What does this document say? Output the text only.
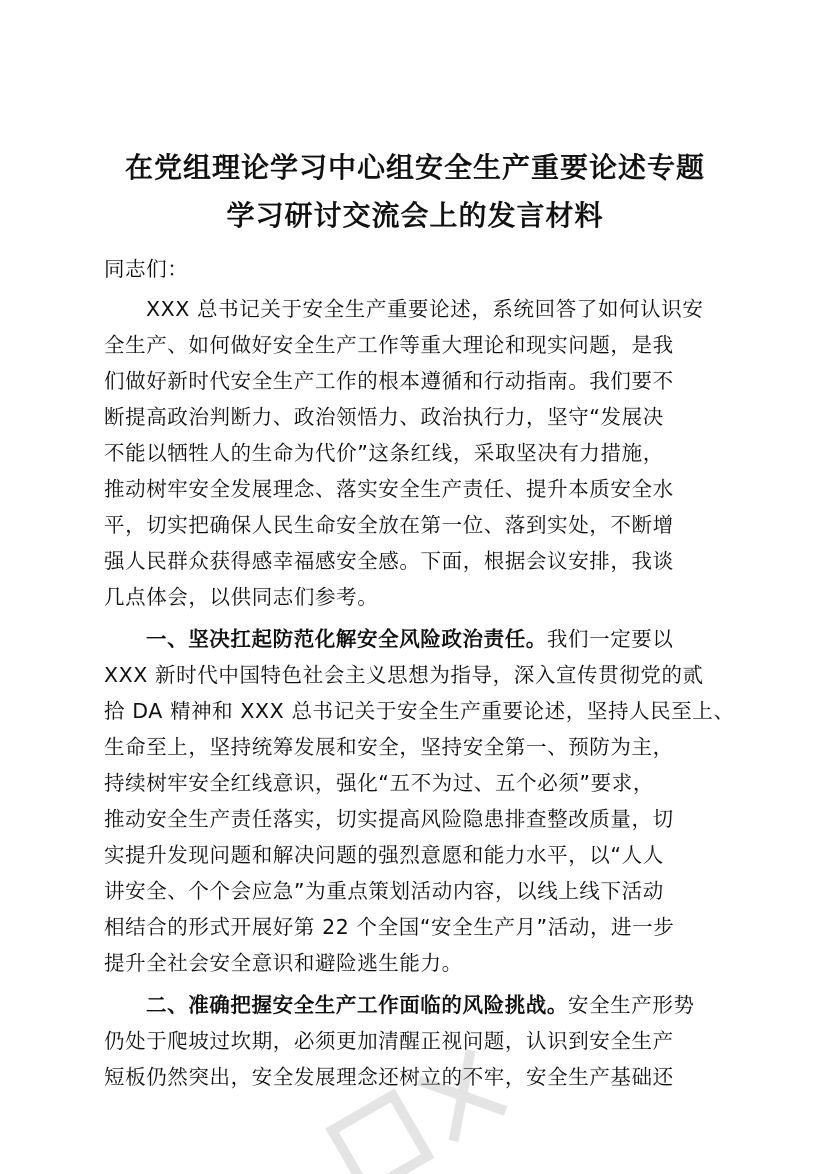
在党组理论学习中心组安全生产重要论述专题
学习研讨交流会上的发言材料
同志们：
XXX 总书记关于安全生产重要论述，系统回答了如何认识安
全生产、如何做好安全生产工作等重大理论和现实问题，是我
们做好新时代安全生产工作的根本遵循和行动指南。我们要不
断提高政治判断力、政治领悟力、政治执行力，坚守“发展决
不能以牺牲人的生命为代价”这条红线，采取坚决有力措施，
推动树牢安全发展理念、落实安全生产责任、提升本质安全水
平，切实把确保人民生命安全放在第一位、落到实处，不断增
强人民群众获得感幸福感安全感。下面，根据会议安排，我谈
几点体会，以供同志们参考。
一、坚决扛起防范化解安全风险政治责任。我们一定要以
XXX 新时代中国特色社会主义思想为指导，深入宣传贯彻党的贰
拾 DA 精神和 XXX 总书记关于安全生产重要论述，坚持人民至上、
生命至上，坚持统筹发展和安全，坚持安全第一、预防为主，
持续树牢安全红线意识，强化“五不为过、五个必须”要求，
推动安全生产责任落实，切实提高风险隐患排查整改质量，切
实提升发现问题和解决问题的强烈意愿和能力水平，以“人人
讲安全、个个会应急”为重点策划活动内容，以线上线下活动
相结合的形式开展好第 22 个全国“安全生产月”活动，进一步
提升全社会安全意识和避险逃生能力。
二、准确把握安全生产工作面临的风险挑战。安全生产形势
仍处于爬坡过坎期，必须更加清醒正视问题，认识到安全生产
短板仍然突出，安全发展理念还树立的不牢，安全生产基础还
